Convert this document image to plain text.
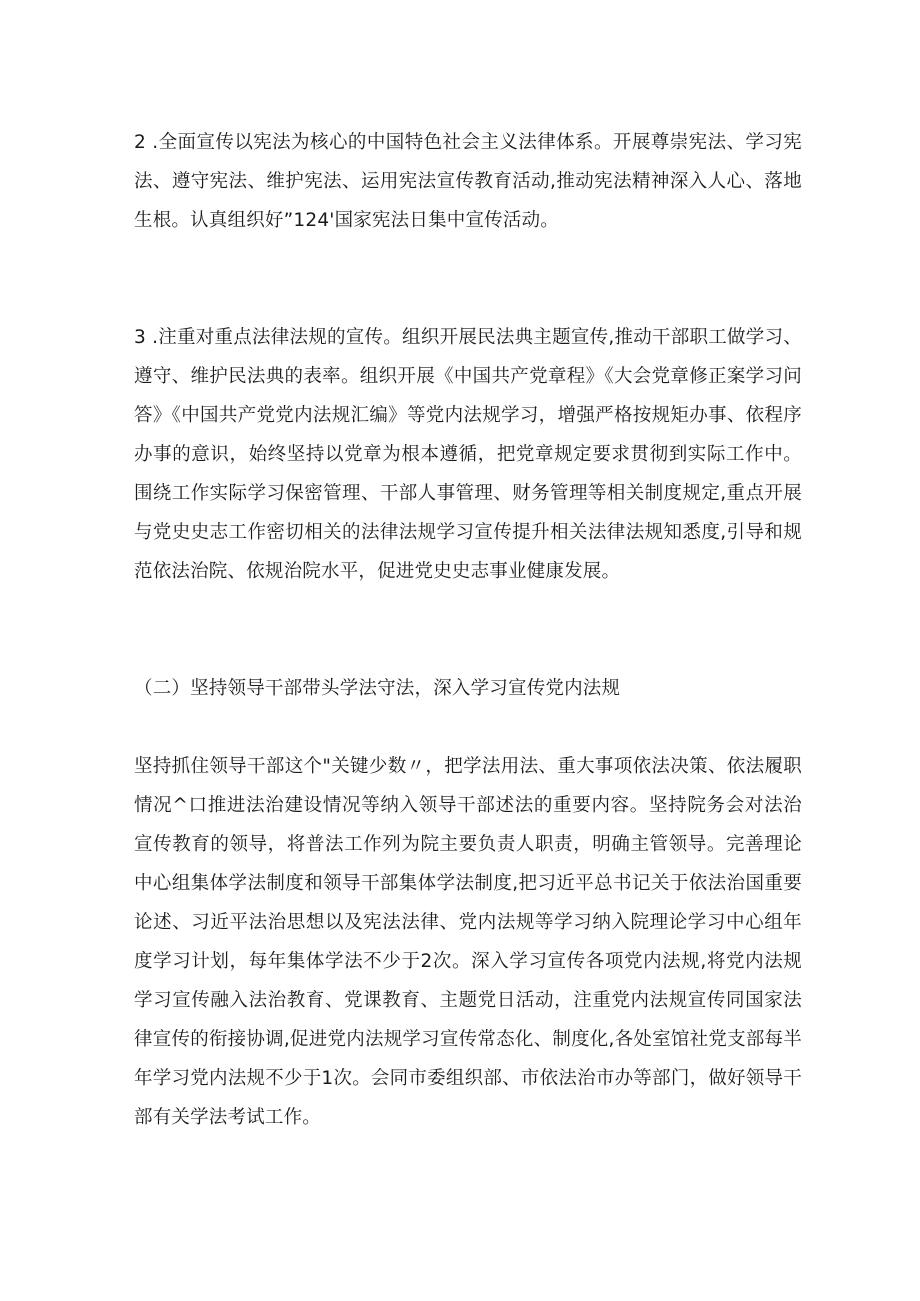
2 .全面宣传以宪法为核心的中国特色社会主义法律体系。开展尊崇宪法、学习宪法、遵守宪法、维护宪法、运用宪法宣传教育活动,推动宪法精神深入人心、落地生根。认真组织好”124'国家宪法日集中宣传活动。

3 .注重对重点法律法规的宣传。组织开展民法典主题宣传,推动干部职工做学习、遵守、维护民法典的表率。组织开展《中国共产党章程》《大会党章修正案学习问答》《中国共产党党内法规汇编》等党内法规学习，增强严格按规矩办事、依程序办事的意识，始终坚持以党章为根本遵循，把党章规定要求贯彻到实际工作中。围绕工作实际学习保密管理、干部人事管理、财务管理等相关制度规定,重点开展与党史史志工作密切相关的法律法规学习宣传提升相关法律法规知悉度,引导和规范依法治院、依规治院水平，促进党史史志事业健康发展。

（二）坚持领导干部带头学法守法，深入学习宣传党内法规

坚持抓住领导干部这个"关键少数〃，把学法用法、重大事项依法决策、依法履职情况^口推进法治建设情况等纳入领导干部述法的重要内容。坚持院务会对法治宣传教育的领导，将普法工作列为院主要负责人职责，明确主管领导。完善理论中心组集体学法制度和领导干部集体学法制度,把习近平总书记关于依法治国重要论述、习近平法治思想以及宪法法律、党内法规等学习纳入院理论学习中心组年度学习计划，每年集体学法不少于2次。深入学习宣传各项党内法规,将党内法规学习宣传融入法治教育、党课教育、主题党日活动，注重党内法规宣传同国家法律宣传的衔接协调,促进党内法规学习宣传常态化、制度化,各处室馆社党支部每半年学习党内法规不少于1次。会同市委组织部、市依法治市办等部门，做好领导干部有关学法考试工作。
